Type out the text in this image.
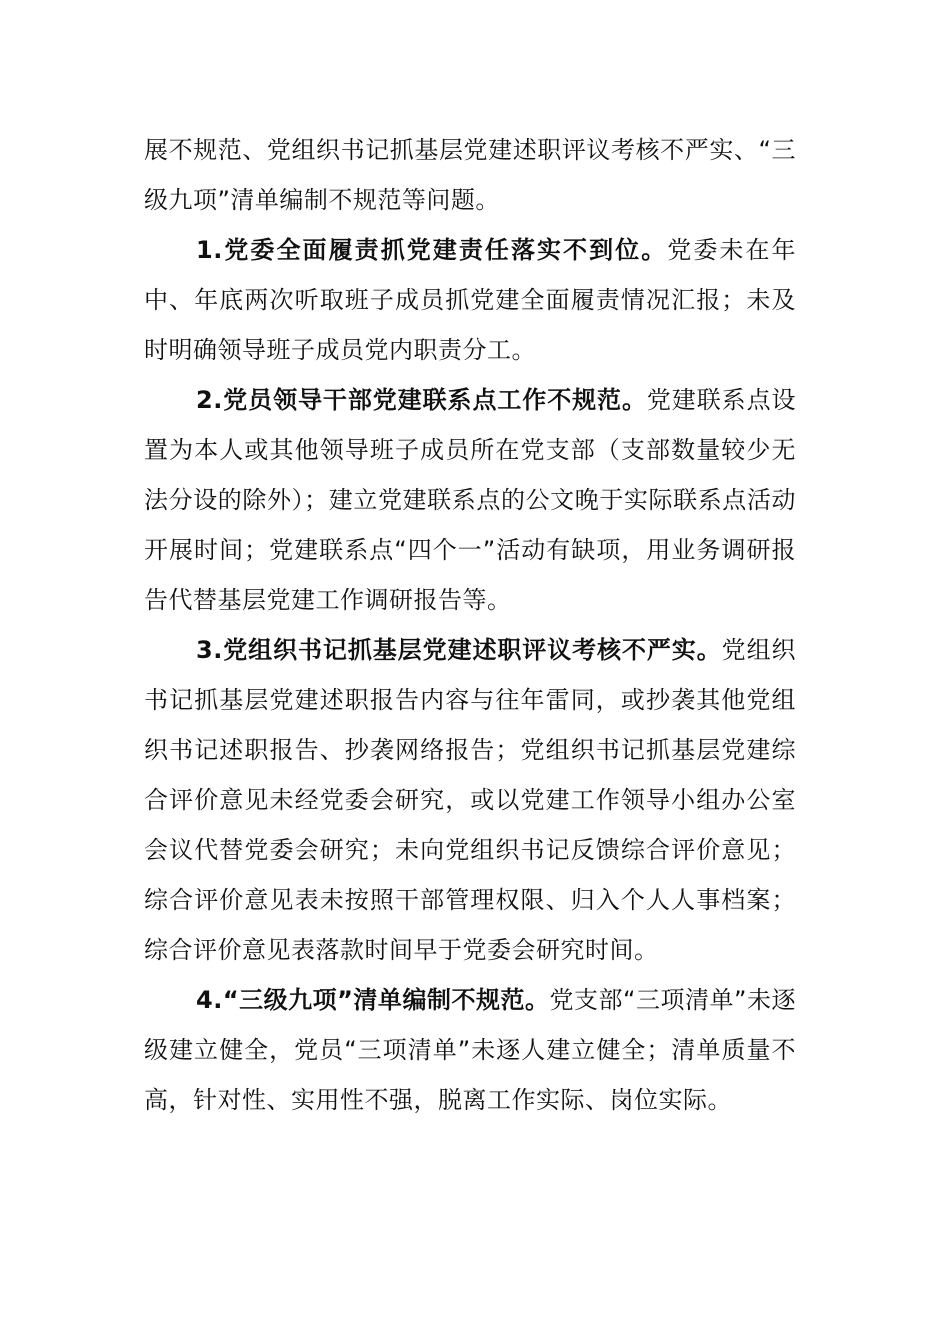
展不规范、党组织书记抓基层党建述职评议考核不严实、“三级九项”清单编制不规范等问题。

1.党委全面履责抓党建责任落实不到位。党委未在年中、年底两次听取班子成员抓党建全面履责情况汇报；未及时明确领导班子成员党内职责分工。

2.党员领导干部党建联系点工作不规范。党建联系点设置为本人或其他领导班子成员所在党支部（支部数量较少无法分设的除外）；建立党建联系点的公文晚于实际联系点活动开展时间；党建联系点“四个一”活动有缺项，用业务调研报告代替基层党建工作调研报告等。

3.党组织书记抓基层党建述职评议考核不严实。党组织书记抓基层党建述职报告内容与往年雷同，或抄袭其他党组织书记述职报告、抄袭网络报告；党组织书记抓基层党建综合评价意见未经党委会研究，或以党建工作领导小组办公室会议代替党委会研究；未向党组织书记反馈综合评价意见；综合评价意见表未按照干部管理权限、归入个人人事档案；综合评价意见表落款时间早于党委会研究时间。

4.“三级九项”清单编制不规范。党支部“三项清单”未逐级建立健全，党员“三项清单”未逐人建立健全；清单质量不高，针对性、实用性不强，脱离工作实际、岗位实际。
